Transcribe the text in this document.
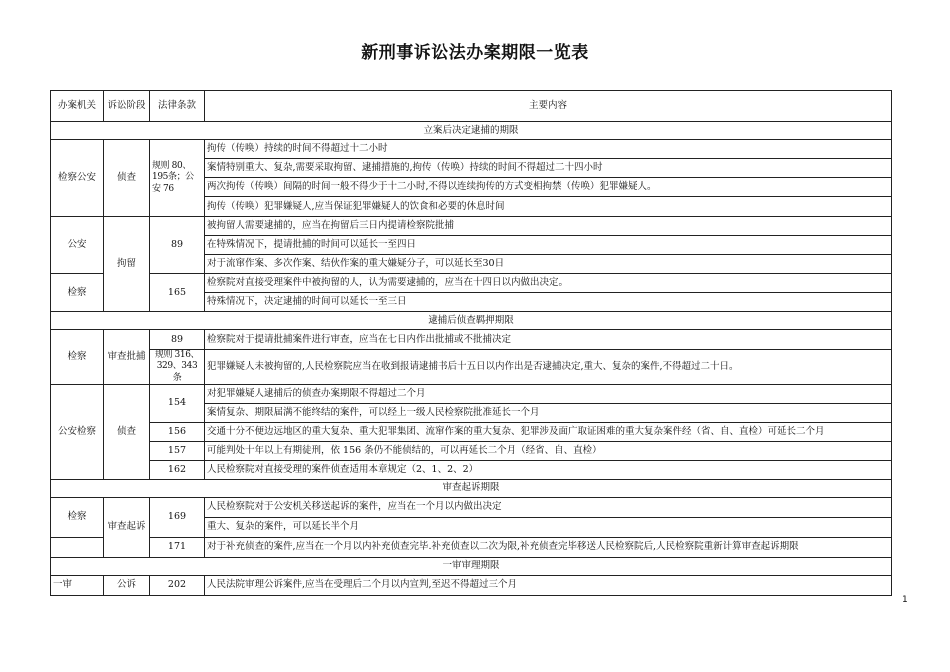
新刑事诉讼法办案期限一览表
办案机关	诉讼阶段	法律条款	主要内容
立案后决定逮捕的期限			
检察公安	侦查	规则 80、195条；公安 76	拘传（传唤）持续的时间不得超过十二小时
			案情特别重大、复杂,需要采取拘留、逮捕措施的,拘传（传唤）持续的时间不得超过二十四小时
			两次拘传（传唤）间隔的时间一般不得少于十二小时,不得以连续拘传的方式变相拘禁（传唤）犯罪嫌疑人。
			拘传（传唤）犯罪嫌疑人,应当保证犯罪嫌疑人的饮食和必要的休息时间
公安	拘留	89	被拘留人需要逮捕的，应当在拘留后三日内提请检察院批捕
			在特殊情况下，提请批捕的时间可以延长一至四日
			对于流窜作案、多次作案、结伙作案的重大嫌疑分子，可以延长至30日
检察		165	检察院对直接受理案件中被拘留的人，认为需要逮捕的，应当在十四日以内做出决定。
			特殊情况下，决定逮捕的时间可以延长一至三日
逮捕后侦查羁押期限			
检察	审查批捕	89	检察院对于提请批捕案件进行审查，应当在七日内作出批捕或不批捕决定
		规则 316、329、343 条	犯罪嫌疑人未被拘留的,人民检察院应当在收到报请逮捕书后十五日以内作出是否逮捕决定,重大、复杂的案件,不得超过二十日。
公安检察	侦查	154	对犯罪嫌疑人逮捕后的侦查办案期限不得超过二个月
			案情复杂、期限届满不能终结的案件，可以经上一级人民检察院批准延长一个月
		156	交通十分不便边远地区的重大复杂、重大犯罪集团、流窜作案的重大复杂、犯罪涉及面广取证困难的重大复杂案件经（省、自、直检）可延长二个月
		157	可能判处十年以上有期徒刑，依 156 条仍不能侦结的，可以再延长二个月（经省、自、直检）
		162	人民检察院对直接受理的案件侦查适用本章规定（2、1、2、2）
审查起诉期限			
检察	审查起诉	169	人民检察院对于公安机关移送起诉的案件，应当在一个月以内做出决定
			重大、复杂的案件，可以延长半个月
		171	对于补充侦查的案件,应当在一个月以内补充侦查完毕.补充侦查以二次为限,补充侦查完毕移送人民检察院后,人民检察院重新计算审查起诉期限
一审审理期限			
一审	公诉	202	人民法院审理公诉案件,应当在受理后二个月以内宣判,至迟不得超过三个月
1
